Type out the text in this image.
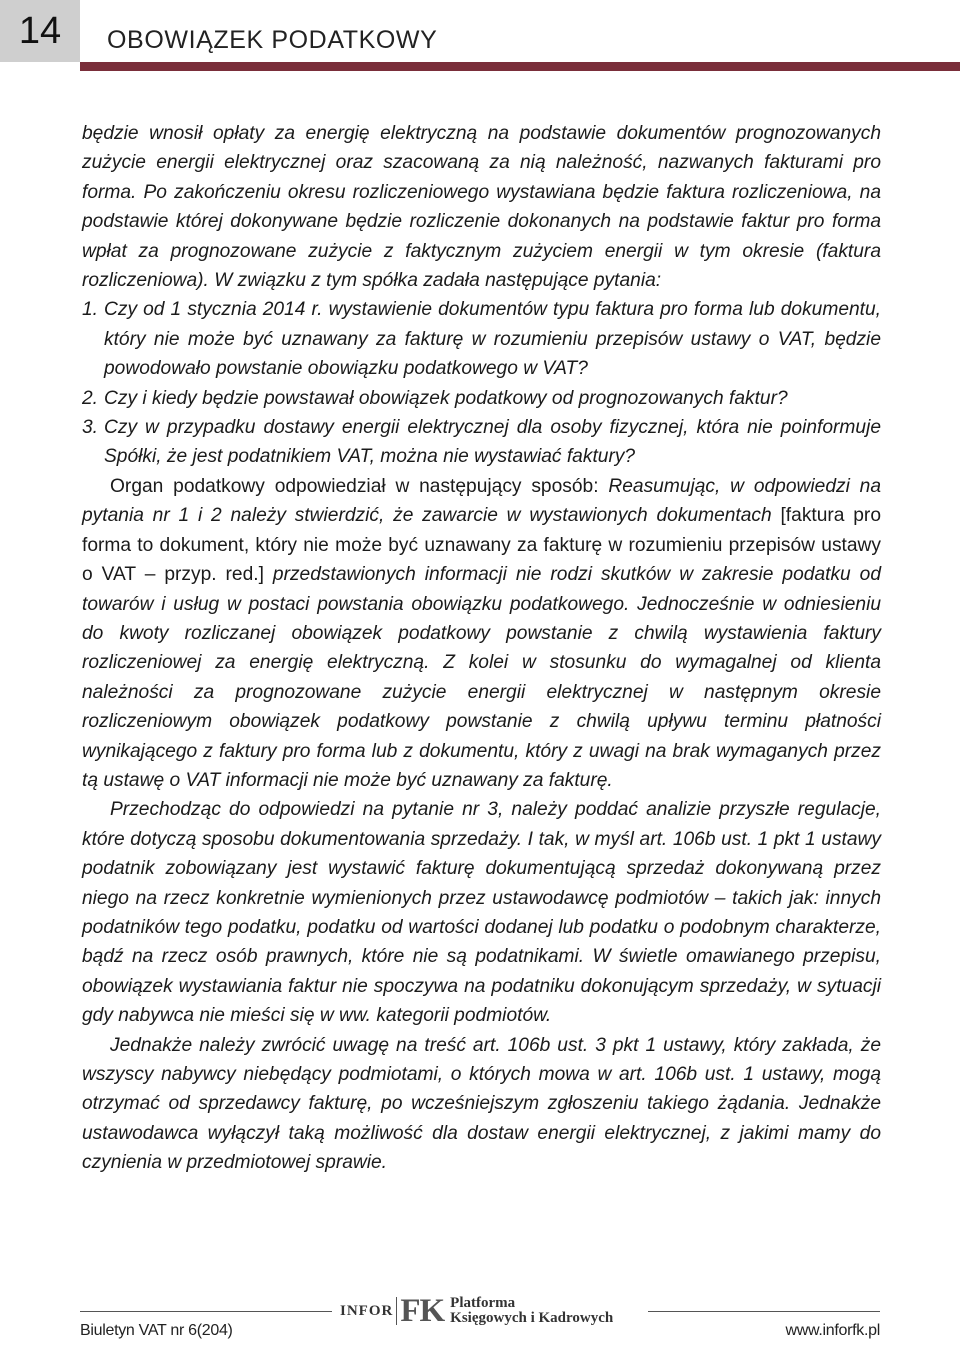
14 OBOWIĄZEK PODATKOWY

będzie wnosił opłaty za energię elektryczną na podstawie dokumentów prognozowanych zużycie energii elektrycznej oraz szacowaną za nią należność, nazwanych fakturami pro forma. Po zakończeniu okresu rozliczeniowego wystawiana będzie faktura rozliczeniowa, na podstawie której dokonywane będzie rozliczenie dokonanych na podstawie faktur pro forma wpłat za prognozowane zużycie z faktycznym zużyciem energii w tym okresie (faktura rozliczeniowa). W związku z tym spółka zadała następujące pytania:

1. Czy od 1 stycznia 2014 r. wystawienie dokumentów typu faktura pro forma lub dokumentu, który nie może być uznawany za fakturę w rozumieniu przepisów ustawy o VAT, będzie powodowało powstanie obowiązku podatkowego w VAT?
2. Czy i kiedy będzie powstawał obowiązek podatkowy od prognozowanych faktur?
3. Czy w przypadku dostawy energii elektrycznej dla osoby fizycznej, która nie poinformuje Spółki, że jest podatnikiem VAT, można nie wystawiać faktury?

Organ podatkowy odpowiedział w następujący sposób: Reasumując, w odpowiedzi na pytania nr 1 i 2 należy stwierdzić, że zawarcie w wystawionych dokumentach [faktura pro forma to dokument, który nie może być uznawany za fakturę w rozumieniu przepisów ustawy o VAT – przyp. red.] przedstawionych informacji nie rodzi skutków w zakresie podatku od towarów i usług w postaci powstania obowiązku podatkowego. Jednocześnie w odniesieniu do kwoty rozliczanej obowiązek podatkowy powstanie z chwilą wystawienia faktury rozliczeniowej za energię elektryczną. Z kolei w stosunku do wymagalnej od klienta należności za prognozowane zużycie energii elektrycznej w następnym okresie rozliczeniowym obowiązek podatkowy powstanie z chwilą upływu terminu płatności wynikającego z faktury pro forma lub z dokumentu, który z uwagi na brak wymaganych przez tą ustawę o VAT informacji nie może być uznawany za fakturę.

Przechodząc do odpowiedzi na pytanie nr 3, należy poddać analizie przyszłe regulacje, które dotyczą sposobu dokumentowania sprzedaży. I tak, w myśl art. 106b ust. 1 pkt 1 ustawy podatnik zobowiązany jest wystawić fakturę dokumentującą sprzedaż dokonywaną przez niego na rzecz konkretnie wymienionych przez ustawodawcę podmiotów – takich jak: innych podatników tego podatku, podatku od wartości dodanej lub podatku o podobnym charakterze, bądź na rzecz osób prawnych, które nie są podatnikami. W świetle omawianego przepisu, obowiązek wystawiania faktur nie spoczywa na podatniku dokonującym sprzedaży, w sytuacji gdy nabywca nie mieści się w ww. kategorii podmiotów.

Jednakże należy zwrócić uwagę na treść art. 106b ust. 3 pkt 1 ustawy, który zakłada, że wszyscy nabywcy niebędący podmiotami, o których mowa w art. 106b ust. 1 ustawy, mogą otrzymać od sprzedawcy fakturę, po wcześniejszym zgłoszeniu takiego żądania. Jednakże ustawodawca wyłączył taką możliwość dla dostaw energii elektrycznej, z jakimi mamy do czynienia w przedmiotowej sprawie.

INFOR FK Platforma
Księgowych i Kadrowych
Biuletyn VAT nr 6(204)	www.inforfk.pl
